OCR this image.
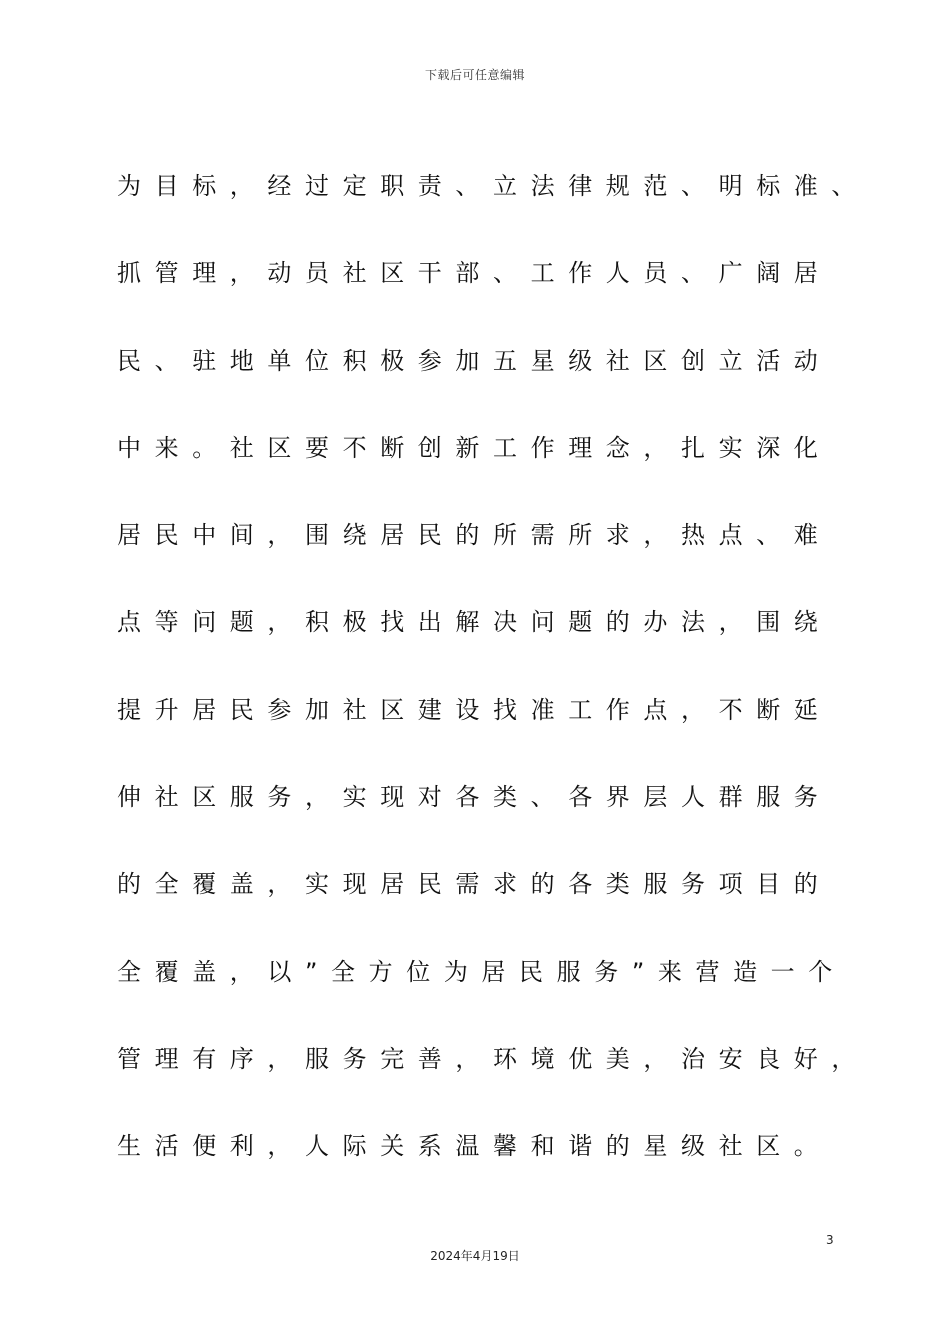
下载后可任意编辑
为目标，经过定职责、立法律规范、明标准、
抓管理，动员社区干部、工作人员、广阔居
民、驻地单位积极参加五星级社区创立活动
中来。社区要不断创新工作理念，扎实深化
居民中间，围绕居民的所需所求，热点、难
点等问题，积极找出解决问题的办法，围绕
提升居民参加社区建设找准工作点，不断延
伸社区服务，实现对各类、各界层人群服务
的全覆盖，实现居民需求的各类服务项目的
全覆盖，以”全方位为居民服务”来营造一个
管理有序，服务完善，环境优美，治安良好，
生活便利，人际关系温馨和谐的星级社区。
3
2024年4月19日
